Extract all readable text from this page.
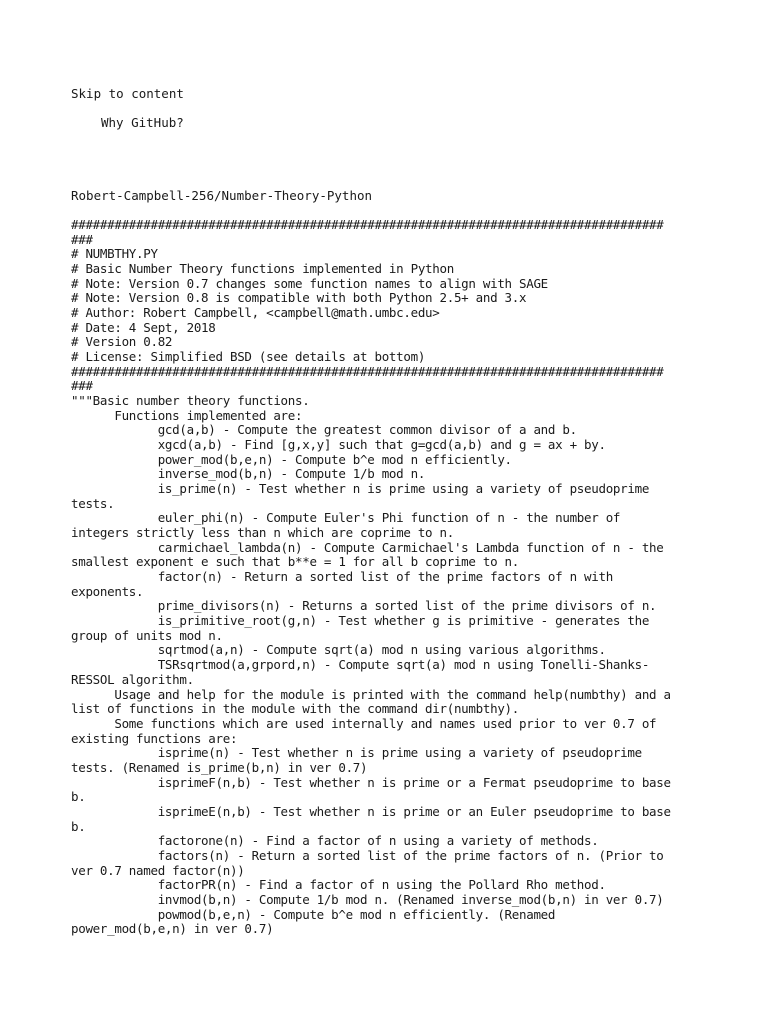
Skip to content
Why GitHub?
Robert-Campbell-256/Number-Theory-Python
##################################################################################
###
# NUMBTHY.PY
# Basic Number Theory functions implemented in Python
# Note: Version 0.7 changes some function names to align with SAGE
# Note: Version 0.8 is compatible with both Python 2.5+ and 3.x
# Author: Robert Campbell, <campbell@math.umbc.edu>
# Date: 4 Sept, 2018
# Version 0.82
# License: Simplified BSD (see details at bottom)
##################################################################################
###
"""Basic number theory functions.
Functions implemented are:
gcd(a,b) - Compute the greatest common divisor of a and b.
xgcd(a,b) - Find [g,x,y] such that g=gcd(a,b) and g = ax + by.
power_mod(b,e,n) - Compute b^e mod n efficiently.
inverse_mod(b,n) - Compute 1/b mod n.
is_prime(n) - Test whether n is prime using a variety of pseudoprime
tests.
euler_phi(n) - Compute Euler's Phi function of n - the number of
integers strictly less than n which are coprime to n.
carmichael_lambda(n) - Compute Carmichael's Lambda function of n - the
smallest exponent e such that b**e = 1 for all b coprime to n.
factor(n) - Return a sorted list of the prime factors of n with
exponents.
prime_divisors(n) - Returns a sorted list of the prime divisors of n.
is_primitive_root(g,n) - Test whether g is primitive - generates the
group of units mod n.
sqrtmod(a,n) - Compute sqrt(a) mod n using various algorithms.
TSRsqrtmod(a,grpord,n) - Compute sqrt(a) mod n using Tonelli-Shanks-
RESSOL algorithm.
Usage and help for the module is printed with the command help(numbthy) and a
list of functions in the module with the command dir(numbthy).
Some functions which are used internally and names used prior to ver 0.7 of
existing functions are:
isprime(n) - Test whether n is prime using a variety of pseudoprime
tests. (Renamed is_prime(b,n) in ver 0.7)
isprimeF(n,b) - Test whether n is prime or a Fermat pseudoprime to base
b.
isprimeE(n,b) - Test whether n is prime or an Euler pseudoprime to base
b.
factorone(n) - Find a factor of n using a variety of methods.
factors(n) - Return a sorted list of the prime factors of n. (Prior to
ver 0.7 named factor(n))
factorPR(n) - Find a factor of n using the Pollard Rho method.
invmod(b,n) - Compute 1/b mod n. (Renamed inverse_mod(b,n) in ver 0.7)
powmod(b,e,n) - Compute b^e mod n efficiently. (Renamed
power_mod(b,e,n) in ver 0.7)
